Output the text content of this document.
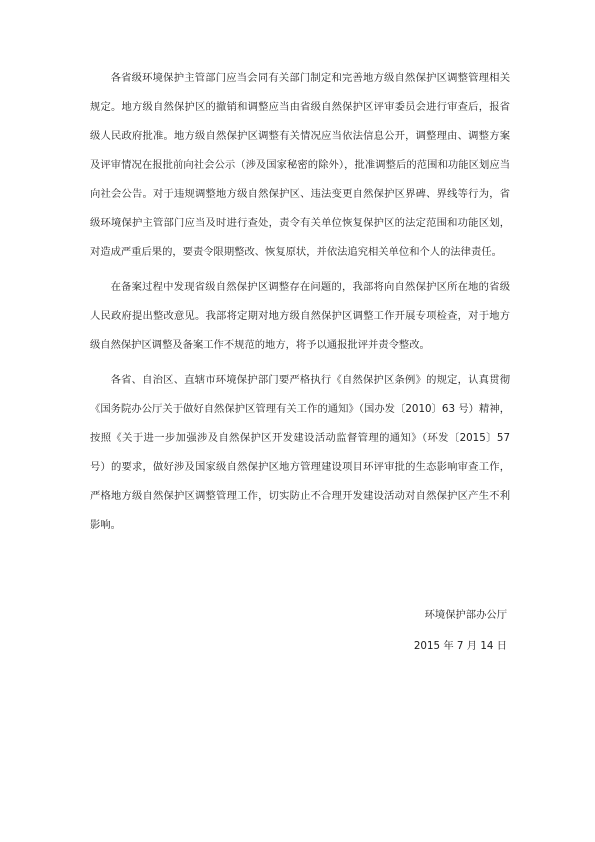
各省级环境保护主管部门应当会同有关部门制定和完善地方级自然保护区调整管理相关规定。地方级自然保护区的撤销和调整应当由省级自然保护区评审委员会进行审查后，报省级人民政府批准。地方级自然保护区调整有关情况应当依法信息公开，调整理由、调整方案及评审情况在报批前向社会公示（涉及国家秘密的除外），批准调整后的范围和功能区划应当向社会公告。对于违规调整地方级自然保护区、违法变更自然保护区界碑、界线等行为，省级环境保护主管部门应当及时进行查处，责令有关单位恢复保护区的法定范围和功能区划，对造成严重后果的，要责令限期整改、恢复原状，并依法追究相关单位和个人的法律责任。

在备案过程中发现省级自然保护区调整存在问题的，我部将向自然保护区所在地的省级人民政府提出整改意见。我部将定期对地方级自然保护区调整工作开展专项检查，对于地方级自然保护区调整及备案工作不规范的地方，将予以通报批评并责令整改。

各省、自治区、直辖市环境保护部门要严格执行《自然保护区条例》的规定，认真贯彻《国务院办公厅关于做好自然保护区管理有关工作的通知》（国办发〔2010〕63 号）精神，按照《关于进一步加强涉及自然保护区开发建设活动监督管理的通知》（环发〔2015〕57 号）的要求，做好涉及国家级自然保护区地方管理建设项目环评审批的生态影响审查工作，严格地方级自然保护区调整管理工作，切实防止不合理开发建设活动对自然保护区产生不利影响。

环境保护部办公厅
2015 年 7 月 14 日
